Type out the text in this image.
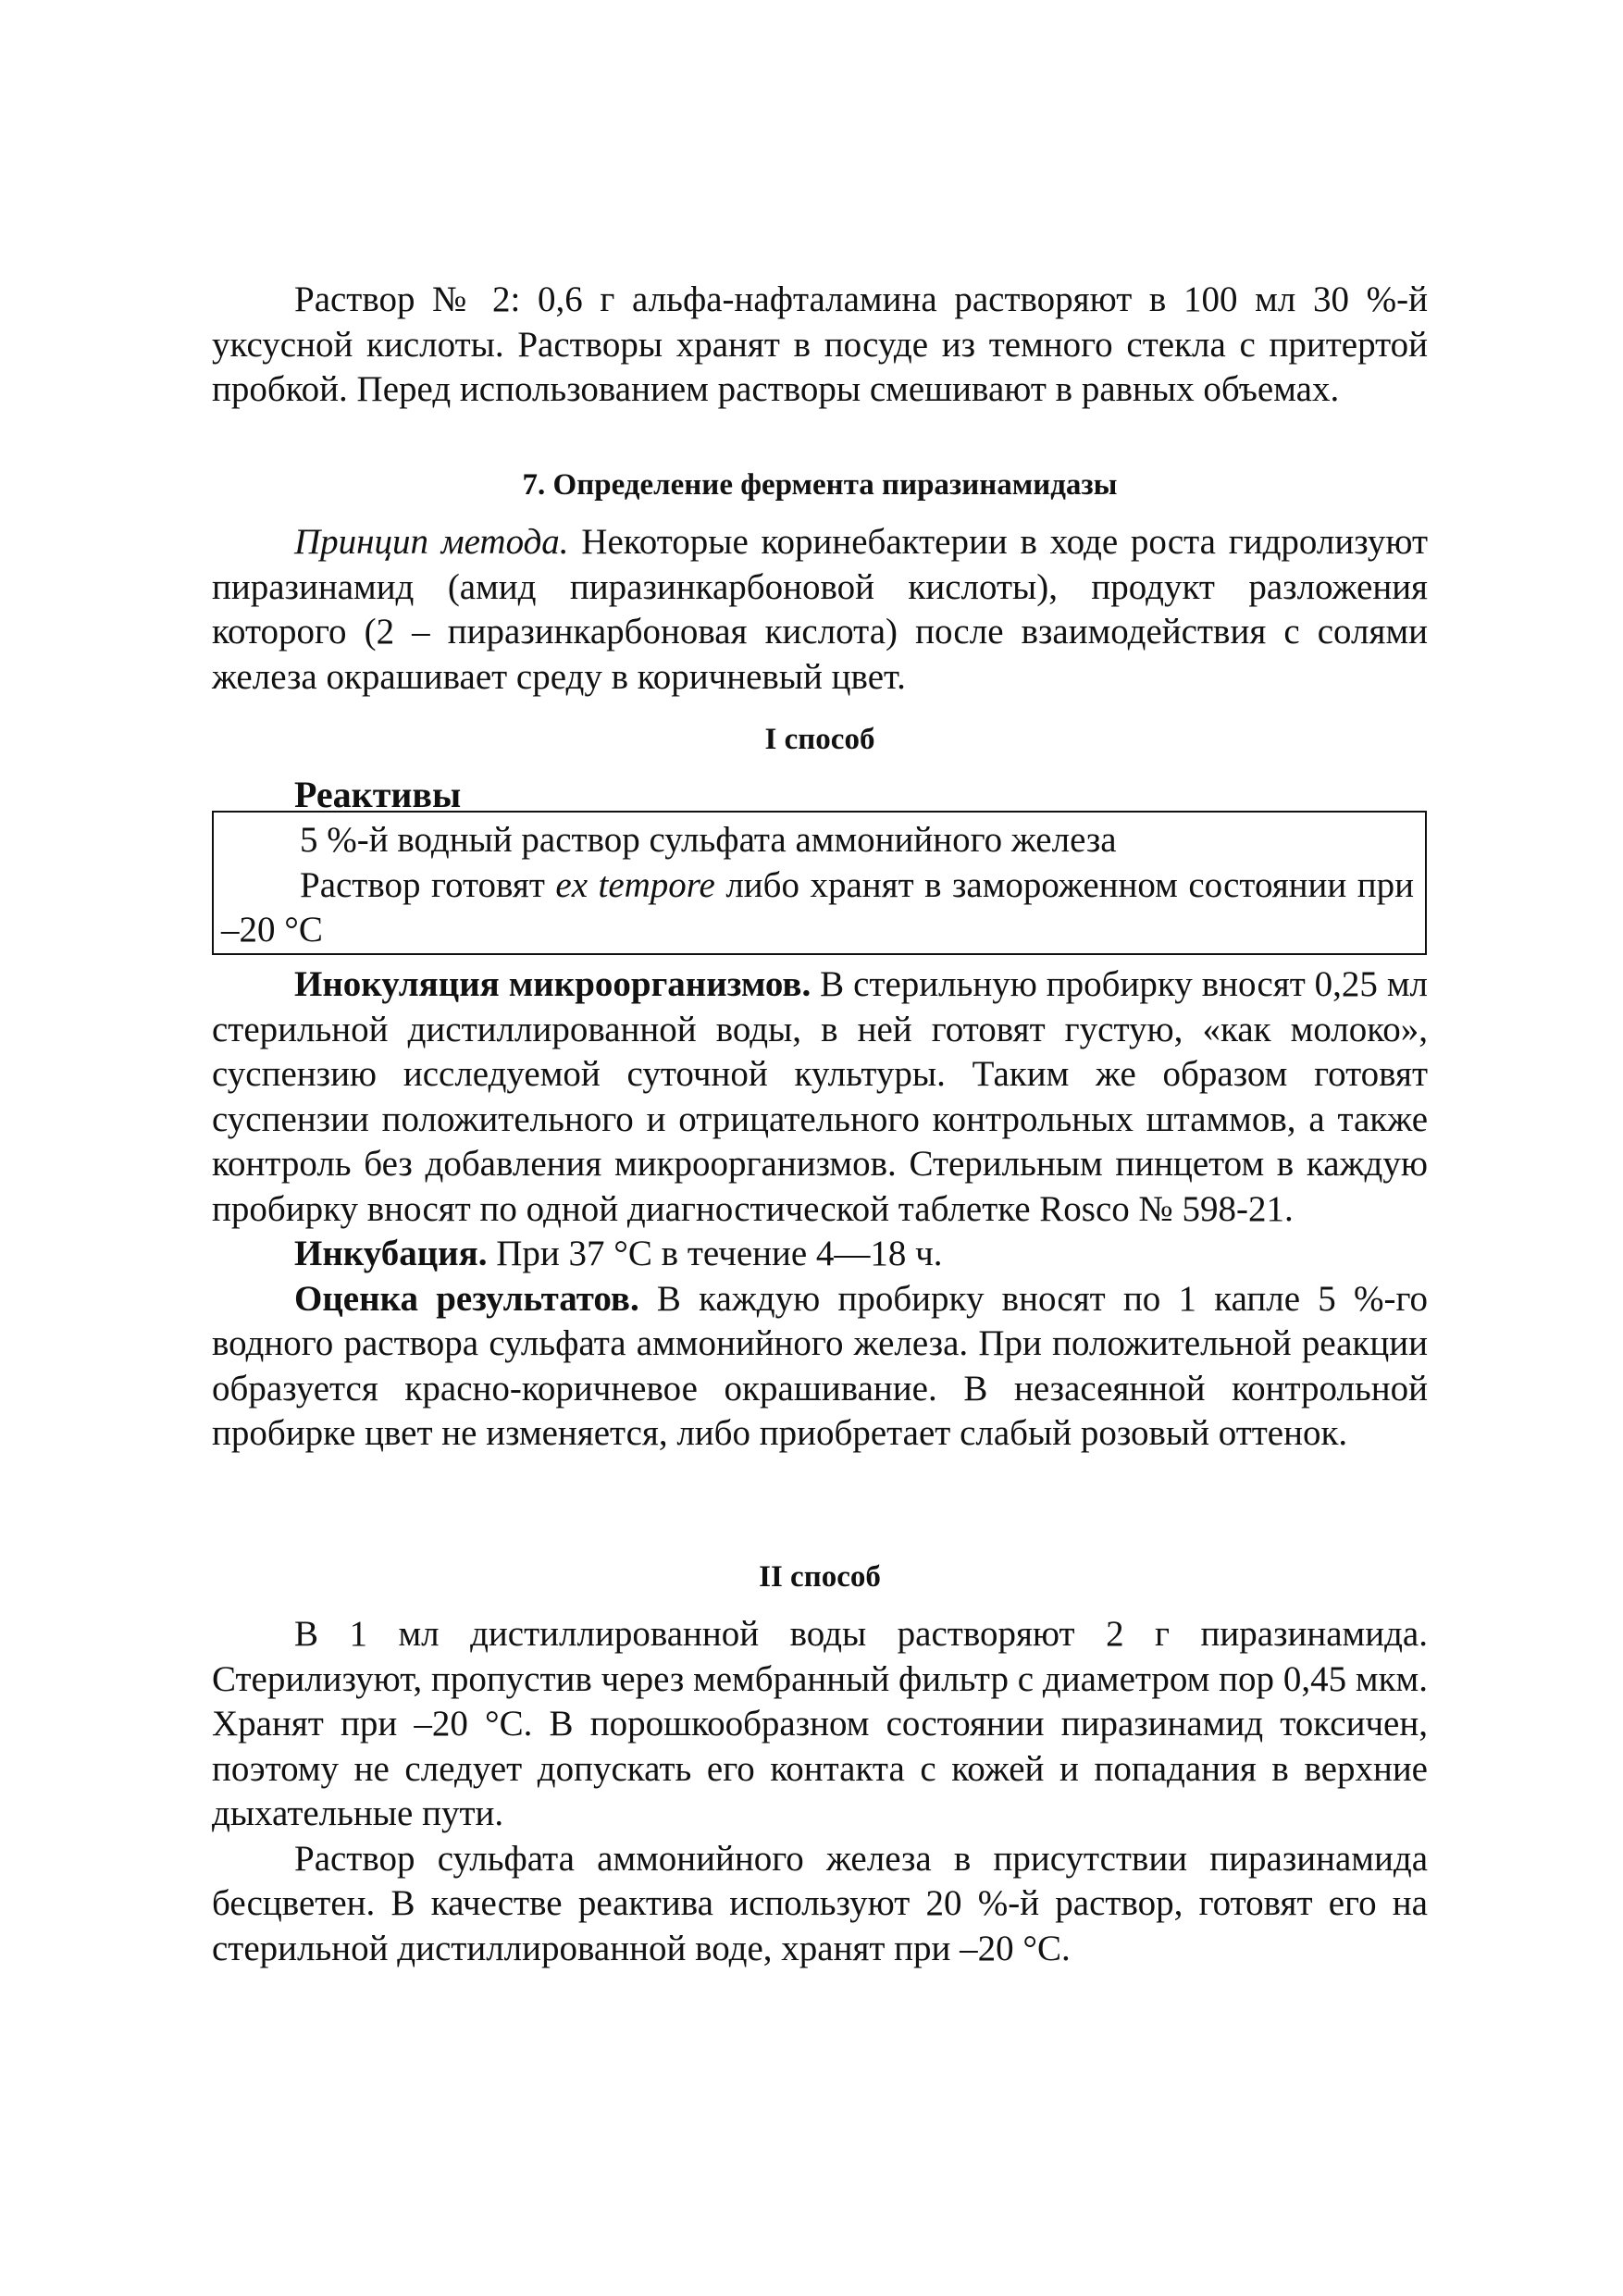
Раствор № 2: 0,6 г альфа-нафталамина растворяют в 100 мл 30 %-й уксусной кислоты. Растворы хранят в посуде из темного стекла с притертой пробкой. Перед использованием растворы смешивают в равных объемах.

7. Определение фермента пиразинамидазы

Принцип метода. Некоторые коринебактерии в ходе роста гидролизуют пиразинамид (амид пиразинкарбоновой кислоты), продукт разложения которого (2 – пиразинкарбоновая кислота) после взаимодействия с солями железа окрашивает среду в коричневый цвет.

I способ

Реактивы

5 %-й водный раствор сульфата аммонийного железа

Раствор готовят ex tempore либо хранят в замороженном состоянии при –20 °С

Инокуляция микроорганизмов. В стерильную пробирку вносят 0,25 мл стерильной дистиллированной воды, в ней готовят густую, «как молоко», суспензию исследуемой суточной культуры. Таким же образом готовят суспензии положительного и отрицательного контрольных штаммов, а также контроль без добавления микроорганизмов. Стерильным пинцетом в каждую пробирку вносят по одной диагностической таблетке Rosco № 598-21.

Инкубация. При 37 °С в течение 4—18 ч.

Оценка результатов. В каждую пробирку вносят по 1 капле 5 %-го водного раствора сульфата аммонийного железа. При положительной реакции образуется красно-коричневое окрашивание. В незасеянной контрольной пробирке цвет не изменяется, либо приобретает слабый розовый оттенок.

II способ

В 1 мл дистиллированной воды растворяют 2 г пиразинамида. Стерилизуют, пропустив через мембранный фильтр с диаметром пор 0,45 мкм. Хранят при –20 °С. В порошкообразном состоянии пиразинамид токсичен, поэтому не следует допускать его контакта с кожей и попадания в верхние дыхательные пути.

Раствор сульфата аммонийного железа в присутствии пиразинамида бесцветен. В качестве реактива используют 20 %-й раствор, готовят его на стерильной дистиллированной воде, хранят при –20 °С.
